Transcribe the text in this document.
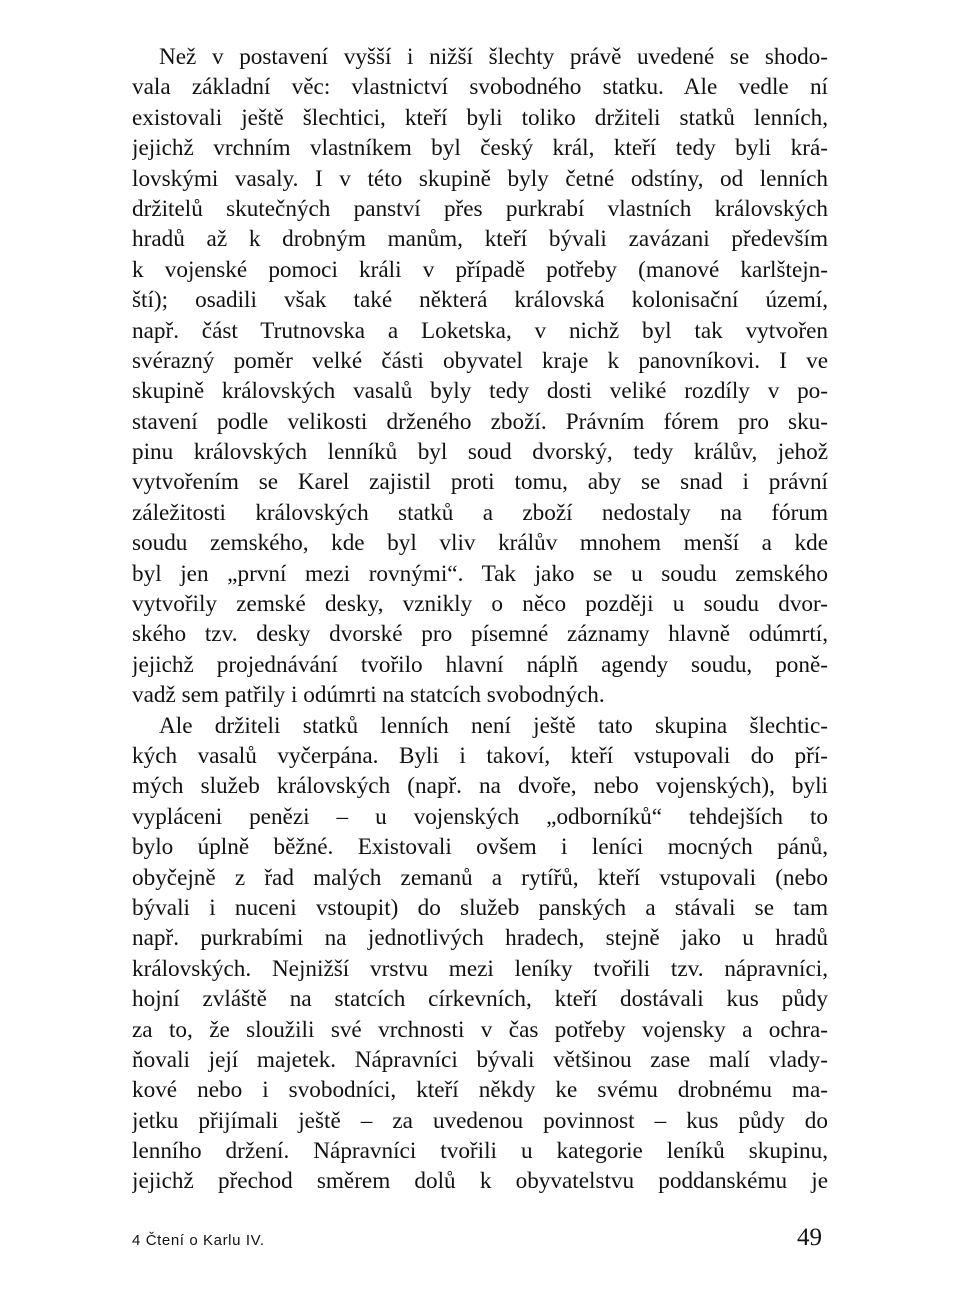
Než v postavení vyšší i nižší šlechty právě uvedené se shodo-
vala základní věc: vlastnictví svobodného statku. Ale vedle ní
existovali ještě šlechtici, kteří byli toliko držiteli statků lenních,
jejichž vrchním vlastníkem byl český král, kteří tedy byli krá-
lovskými vasaly. I v této skupině byly četné odstíny, od lenních
držitelů skutečných panství přes purkrabí vlastních královských
hradů až k drobným manům, kteří bývali zavázani především
k vojenské pomoci králi v případě potřeby (manové karlštejn-
ští); osadili však také některá královská kolonisační území,
např. část Trutnovska a Loketska, v nichž byl tak vytvořen
svérazný poměr velké části obyvatel kraje k panovníkovi. I ve
skupině královských vasalů byly tedy dosti veliké rozdíly v po-
stavení podle velikosti drženého zboží. Právním fórem pro sku-
pinu královských lenníků byl soud dvorský, tedy králův, jehož
vytvořením se Karel zajistil proti tomu, aby se snad i právní
záležitosti královských statků a zboží nedostaly na fórum
soudu zemského, kde byl vliv králův mnohem menší a kde
byl jen „první mezi rovnými“. Tak jako se u soudu zemského
vytvořily zemské desky, vznikly o něco později u soudu dvor-
ského tzv. desky dvorské pro písemné záznamy hlavně odúmrtí,
jejichž projednávání tvořilo hlavní náplň agendy soudu, poně-
vadž sem patřily i odúmrti na statcích svobodných.
Ale držiteli statků lenních není ještě tato skupina šlechtic-
kých vasalů vyčerpána. Byli i takoví, kteří vstupovali do pří-
mých služeb královských (např. na dvoře, nebo vojenských), byli
vypláceni penězi – u vojenských „odborníků“ tehdejších to
bylo úplně běžné. Existovali ovšem i leníci mocných pánů,
obyčejně z řad malých zemanů a rytířů, kteří vstupovali (nebo
bývali i nuceni vstoupit) do služeb panských a stávali se tam
např. purkrabími na jednotlivých hradech, stejně jako u hradů
královských. Nejnižší vrstvu mezi leníky tvořili tzv. nápravníci,
hojní zvláště na statcích církevních, kteří dostávali kus půdy
za to, že sloužili své vrchnosti v čas potřeby vojensky a ochra-
ňovali její majetek. Nápravníci bývali většinou zase malí vlady-
kové nebo i svobodníci, kteří někdy ke svému drobnému ma-
jetku přijímali ještě – za uvedenou povinnost – kus půdy do
lenního držení. Nápravníci tvořili u kategorie leníků skupinu,
jejichž přechod směrem dolů k obyvatelstvu poddanskému je
4 Čtení o Karlu IV.	49
